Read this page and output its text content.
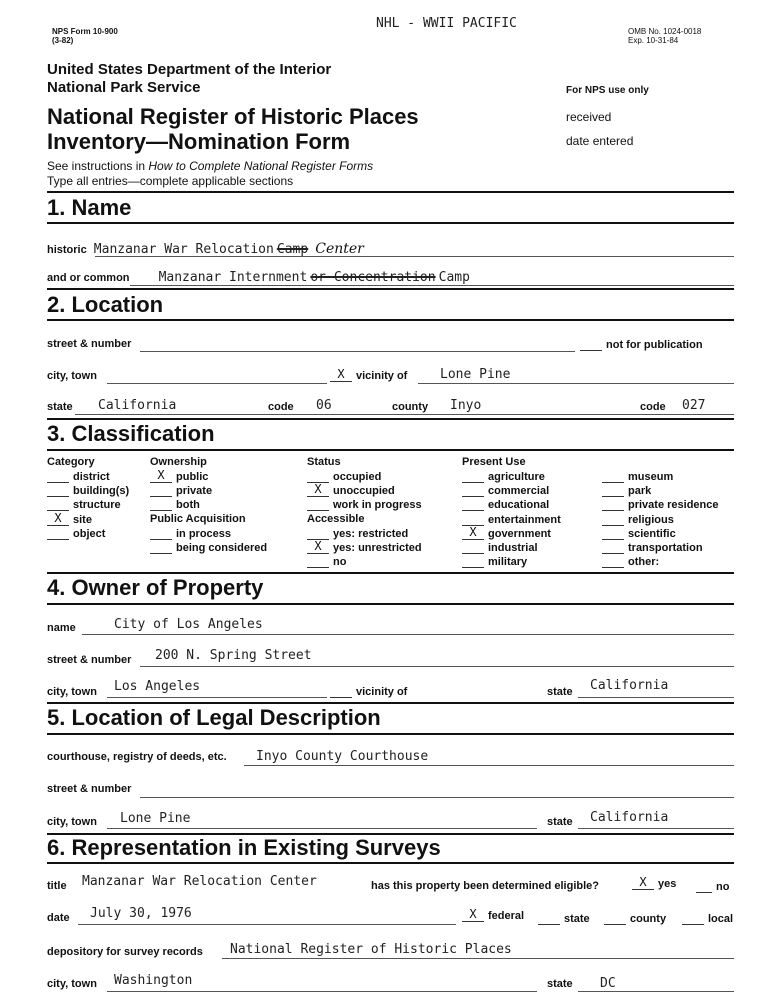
NPS Form 10-900
(3-82)
NHL - WWII PACIFIC
OMB No. 1024-0018
Exp. 10-31-84
United States Department of the Interior
National Park Service
National Register of Historic Places
Inventory—Nomination Form
See instructions in How to Complete National Register Forms
Type all entries—complete applicable sections
For NPS use only
received
date entered
1. Name
historic Manzanar War Relocation Camp Center
and or common Manzanar Internment or Concentration Camp
2. Location
street & number	not for publication
city, town	X vicinity of	Lone Pine
state California	code 06	county Inyo	code 027
3. Classification
Category
district
building(s)
structure
X site
object
Ownership
X public
private
both
Public Acquisition
in process
being considered
Status
occupied
X unoccupied
work in progress
Accessible
yes: restricted
X yes: unrestricted
no
Present Use
agriculture
commercial
educational
entertainment
X government
industrial
military
museum
park
private residence
religious
scientific
transportation
other:
4. Owner of Property
name	City of Los Angeles
street & number 200 N. Spring Street
city, town Los Angeles	vicinity of	state California
5. Location of Legal Description
courthouse, registry of deeds, etc. Inyo County Courthouse
street & number
city, town Lone Pine	state California
6. Representation in Existing Surveys
title Manzanar War Relocation Center	has this property been determined eligible?	X yes	no
date July 30, 1976	X federal	state	county	local
depository for survey records National Register of Historic Places
city, town Washington	state DC
